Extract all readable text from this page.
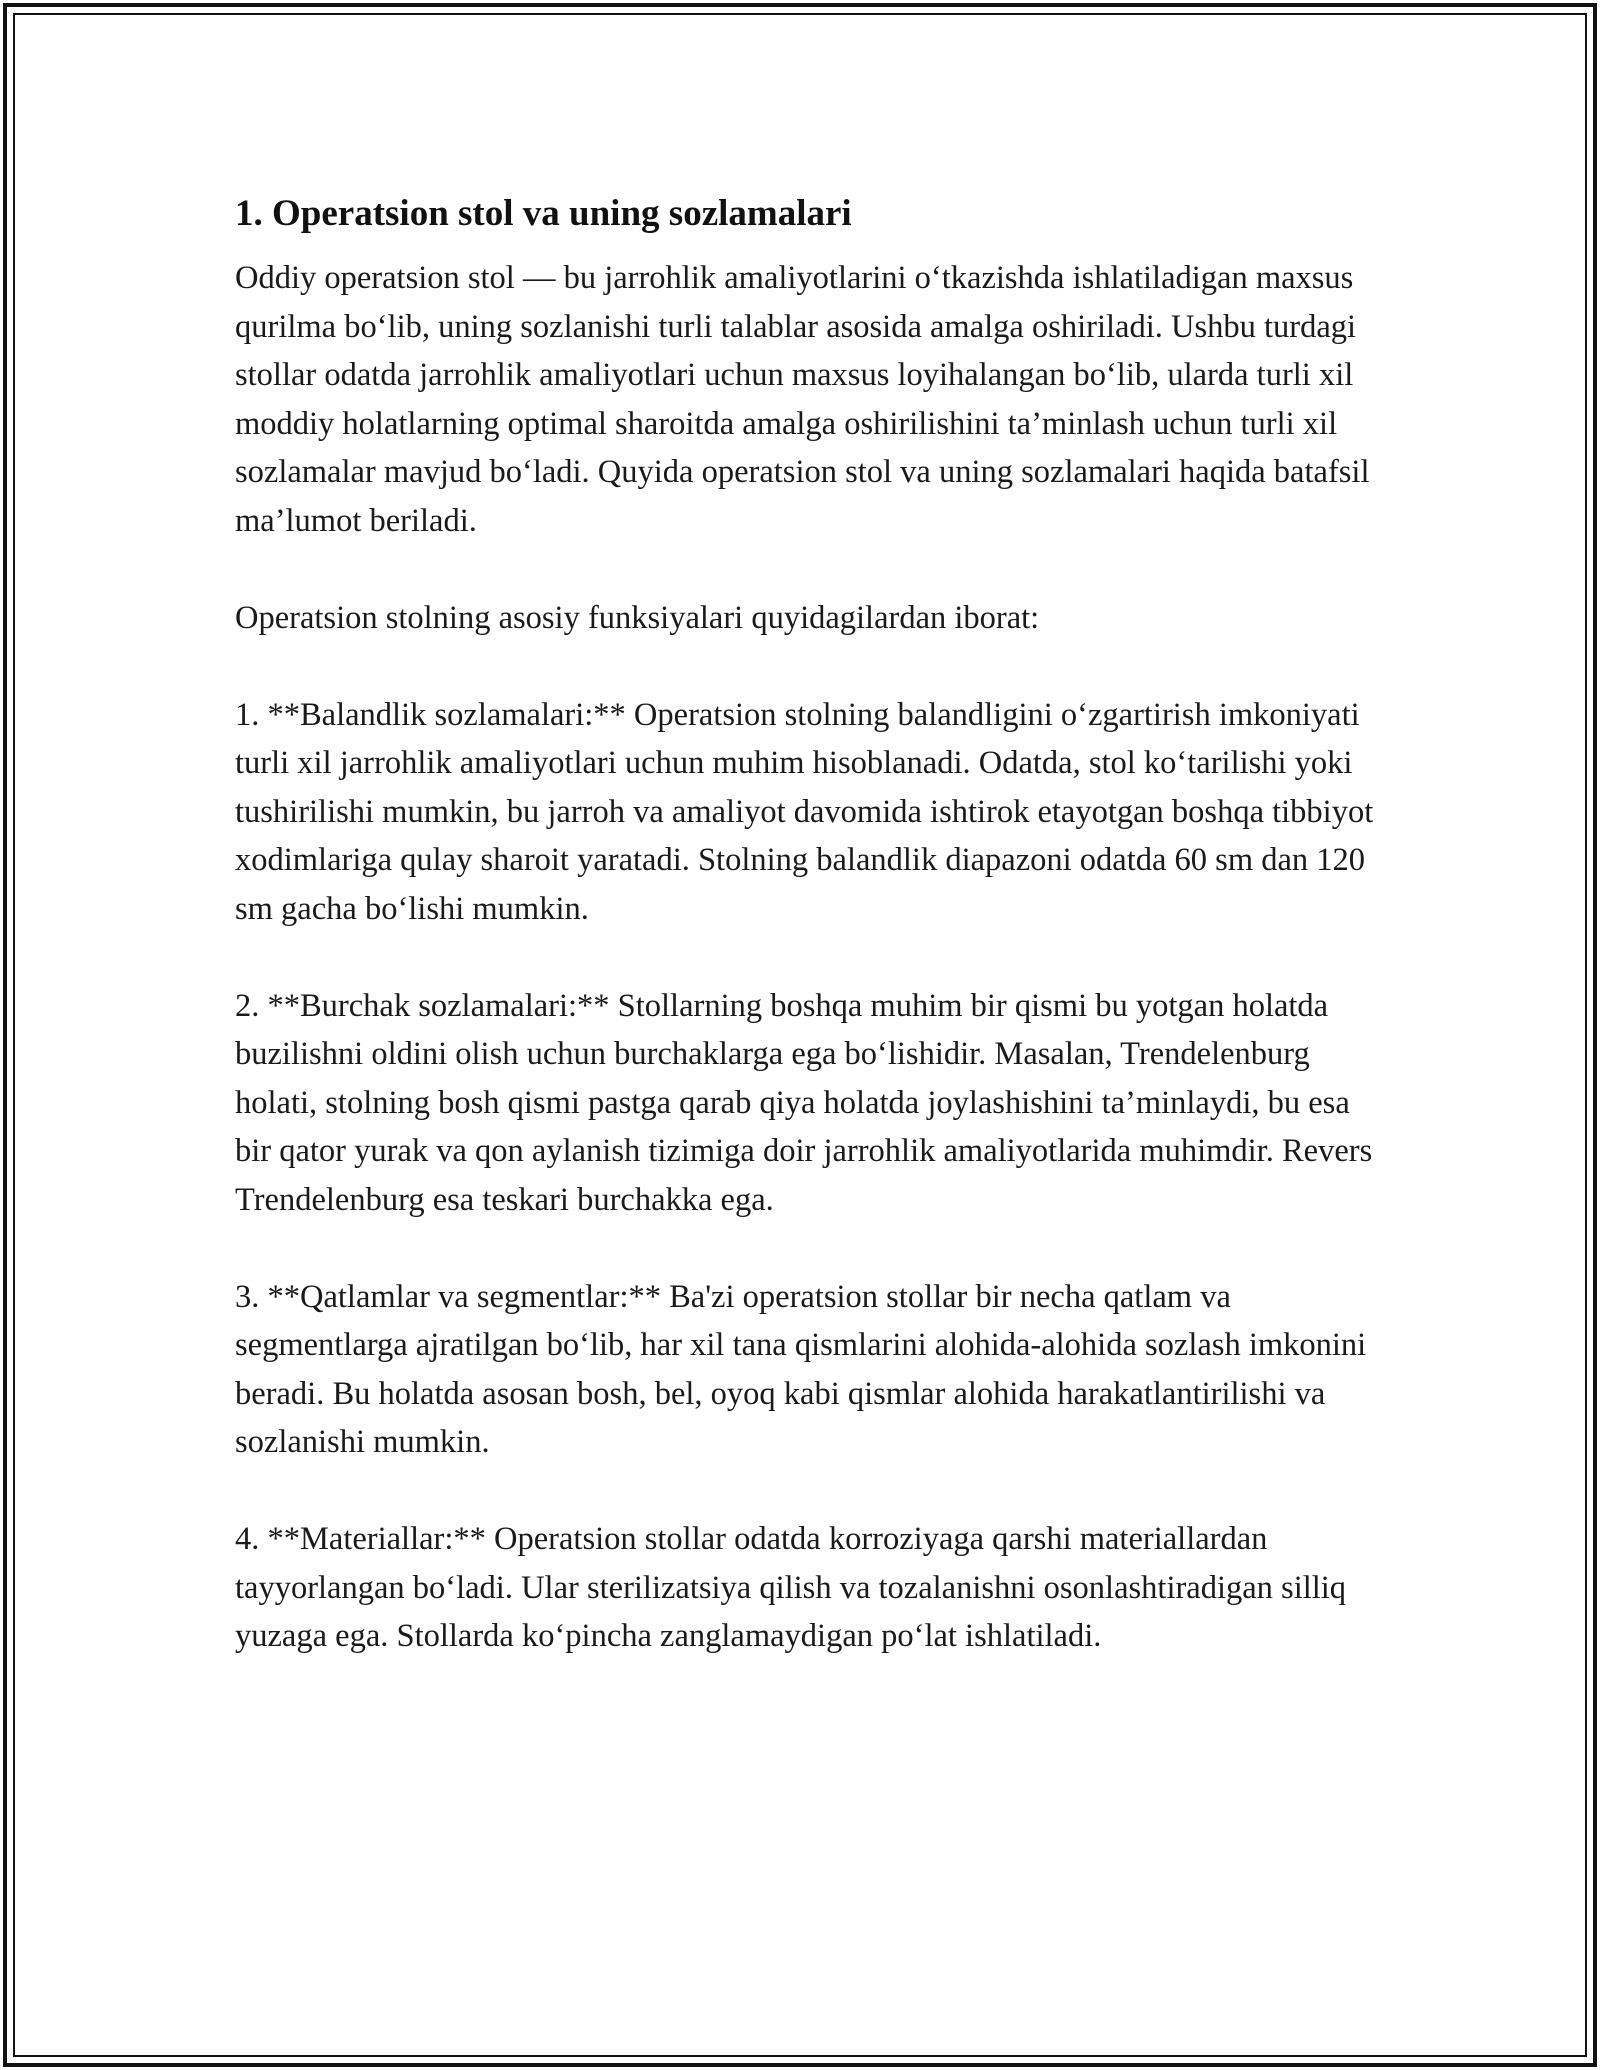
1. Operatsion stol va uning sozlamalari

Oddiy operatsion stol — bu jarrohlik amaliyotlarini o‘tkazishda ishlatiladigan maxsus qurilma bo‘lib, uning sozlanishi turli talablar asosida amalga oshiriladi. Ushbu turdagi stollar odatda jarrohlik amaliyotlari uchun maxsus loyihalangan bo‘lib, ularda turli xil moddiy holatlarning optimal sharoitda amalga oshirilishini ta’minlash uchun turli xil sozlamalar mavjud bo‘ladi. Quyida operatsion stol va uning sozlamalari haqida batafsil ma’lumot beriladi.

Operatsion stolning asosiy funksiyalari quyidagilardan iborat:

1. **Balandlik sozlamalari:** Operatsion stolning balandligini o‘zgartirish imkoniyati turli xil jarrohlik amaliyotlari uchun muhim hisoblanadi. Odatda, stol ko‘tarilishi yoki tushirilishi mumkin, bu jarroh va amaliyot davomida ishtirok etayotgan boshqa tibbiyot xodimlariga qulay sharoit yaratadi. Stolning balandlik diapazoni odatda 60 sm dan 120 sm gacha bo‘lishi mumkin.

2. **Burchak sozlamalari:** Stollarning boshqa muhim bir qismi bu yotgan holatda buzilishni oldini olish uchun burchaklarga ega bo‘lishidir. Masalan, Trendelenburg holati, stolning bosh qismi pastga qarab qiya holatda joylashishini ta’minlaydi, bu esa bir qator yurak va qon aylanish tizimiga doir jarrohlik amaliyotlarida muhimdir. Revers Trendelenburg esa teskari burchakka ega.

3. **Qatlamlar va segmentlar:** Ba'zi operatsion stollar bir necha qatlam va segmentlarga ajratilgan bo‘lib, har xil tana qismlarini alohida-alohida sozlash imkonini beradi. Bu holatda asosan bosh, bel, oyoq kabi qismlar alohida harakatlantirilishi va sozlanishi mumkin.

4. **Materiallar:** Operatsion stollar odatda korroziyaga qarshi materiallardan tayyorlangan bo‘ladi. Ular sterilizatsiya qilish va tozalanishni osonlashtiradigan silliq yuzaga ega. Stollarda ko‘pincha zanglamaydigan po‘lat ishlatiladi.
